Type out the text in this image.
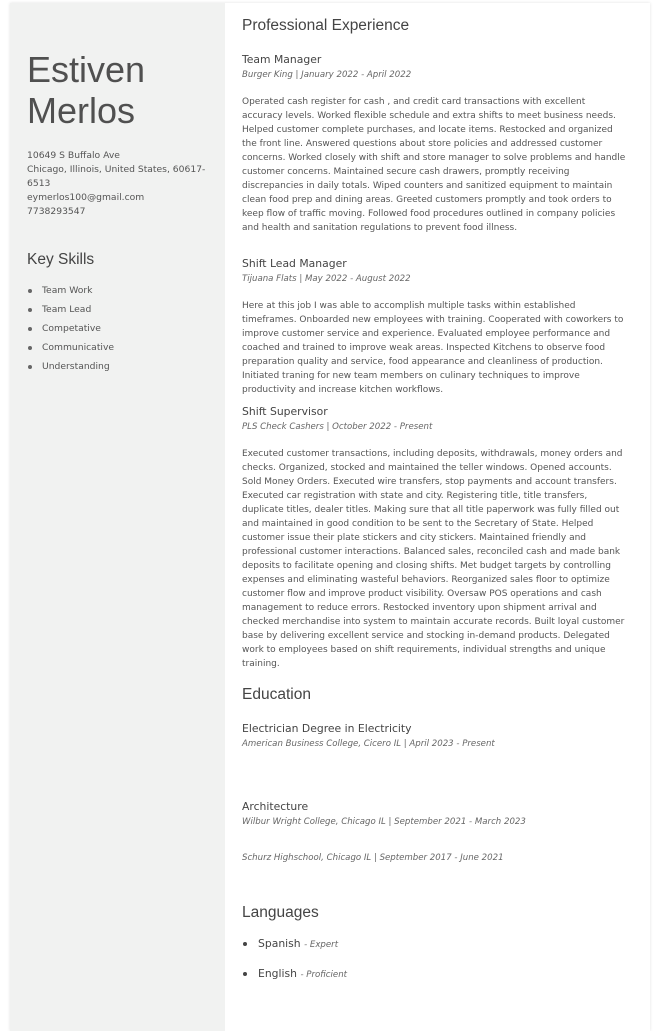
Estiven
Merlos
10649 S Buffalo Ave
Chicago, Illinois, United States, 60617-6513
eymerlos100@gmail.com
7738293547
Key Skills
Team Work
Team Lead
Competative
Communicative
Understanding
Professional Experience
Team Manager
Burger King | January 2022 - April 2022
Operated cash register for cash , and credit card transactions with excellent accuracy levels. Worked flexible schedule and extra shifts to meet business needs. Helped customer complete purchases, and locate items. Restocked and organized the front line. Answered questions about store policies and addressed customer concerns. Worked closely with shift and store manager to solve problems and handle customer concerns. Maintained secure cash drawers, promptly receiving discrepancies in daily totals. Wiped counters and sanitized equipment to maintain clean food prep and dining areas. Greeted customers promptly and took orders to keep flow of traffic moving. Followed food procedures outlined in company policies and health and sanitation regulations to prevent food illness.
Shift Lead Manager
Tijuana Flats | May 2022 - August 2022
Here at this job I was able to accomplish multiple tasks within established timeframes. Onboarded new employees with training. Cooperated with coworkers to improve customer service and experience. Evaluated employee performance and coached and trained to improve weak areas. Inspected Kitchens to observe food preparation quality and service, food appearance and cleanliness of production. Initiated traning for new team members on culinary techniques to improve productivity and increase kitchen workflows.
Shift Supervisor
PLS Check Cashers | October 2022 - Present
Executed customer transactions, including deposits, withdrawals, money orders and checks. Organized, stocked and maintained the teller windows. Opened accounts. Sold Money Orders. Executed wire transfers, stop payments and account transfers. Executed car registration with state and city. Registering title, title transfers, duplicate titles, dealer titles. Making sure that all title paperwork was fully filled out and maintained in good condition to be sent to the Secretary of State. Helped customer issue their plate stickers and city stickers. Maintained friendly and professional customer interactions. Balanced sales, reconciled cash and made bank deposits to facilitate opening and closing shifts. Met budget targets by controlling expenses and eliminating wasteful behaviors. Reorganized sales floor to optimize customer flow and improve product visibility. Oversaw POS operations and cash management to reduce errors. Restocked inventory upon shipment arrival and checked merchandise into system to maintain accurate records. Built loyal customer base by delivering excellent service and stocking in-demand products. Delegated work to employees based on shift requirements, individual strengths and unique training.
Education
Electrician Degree in Electricity
American Business College, Cicero IL | April 2023 - Present
Architecture
Wilbur Wright College, Chicago IL | September 2021 - March 2023
Schurz Highschool, Chicago IL | September 2017 - June 2021
Languages
Spanish - Expert
English - Proficient
